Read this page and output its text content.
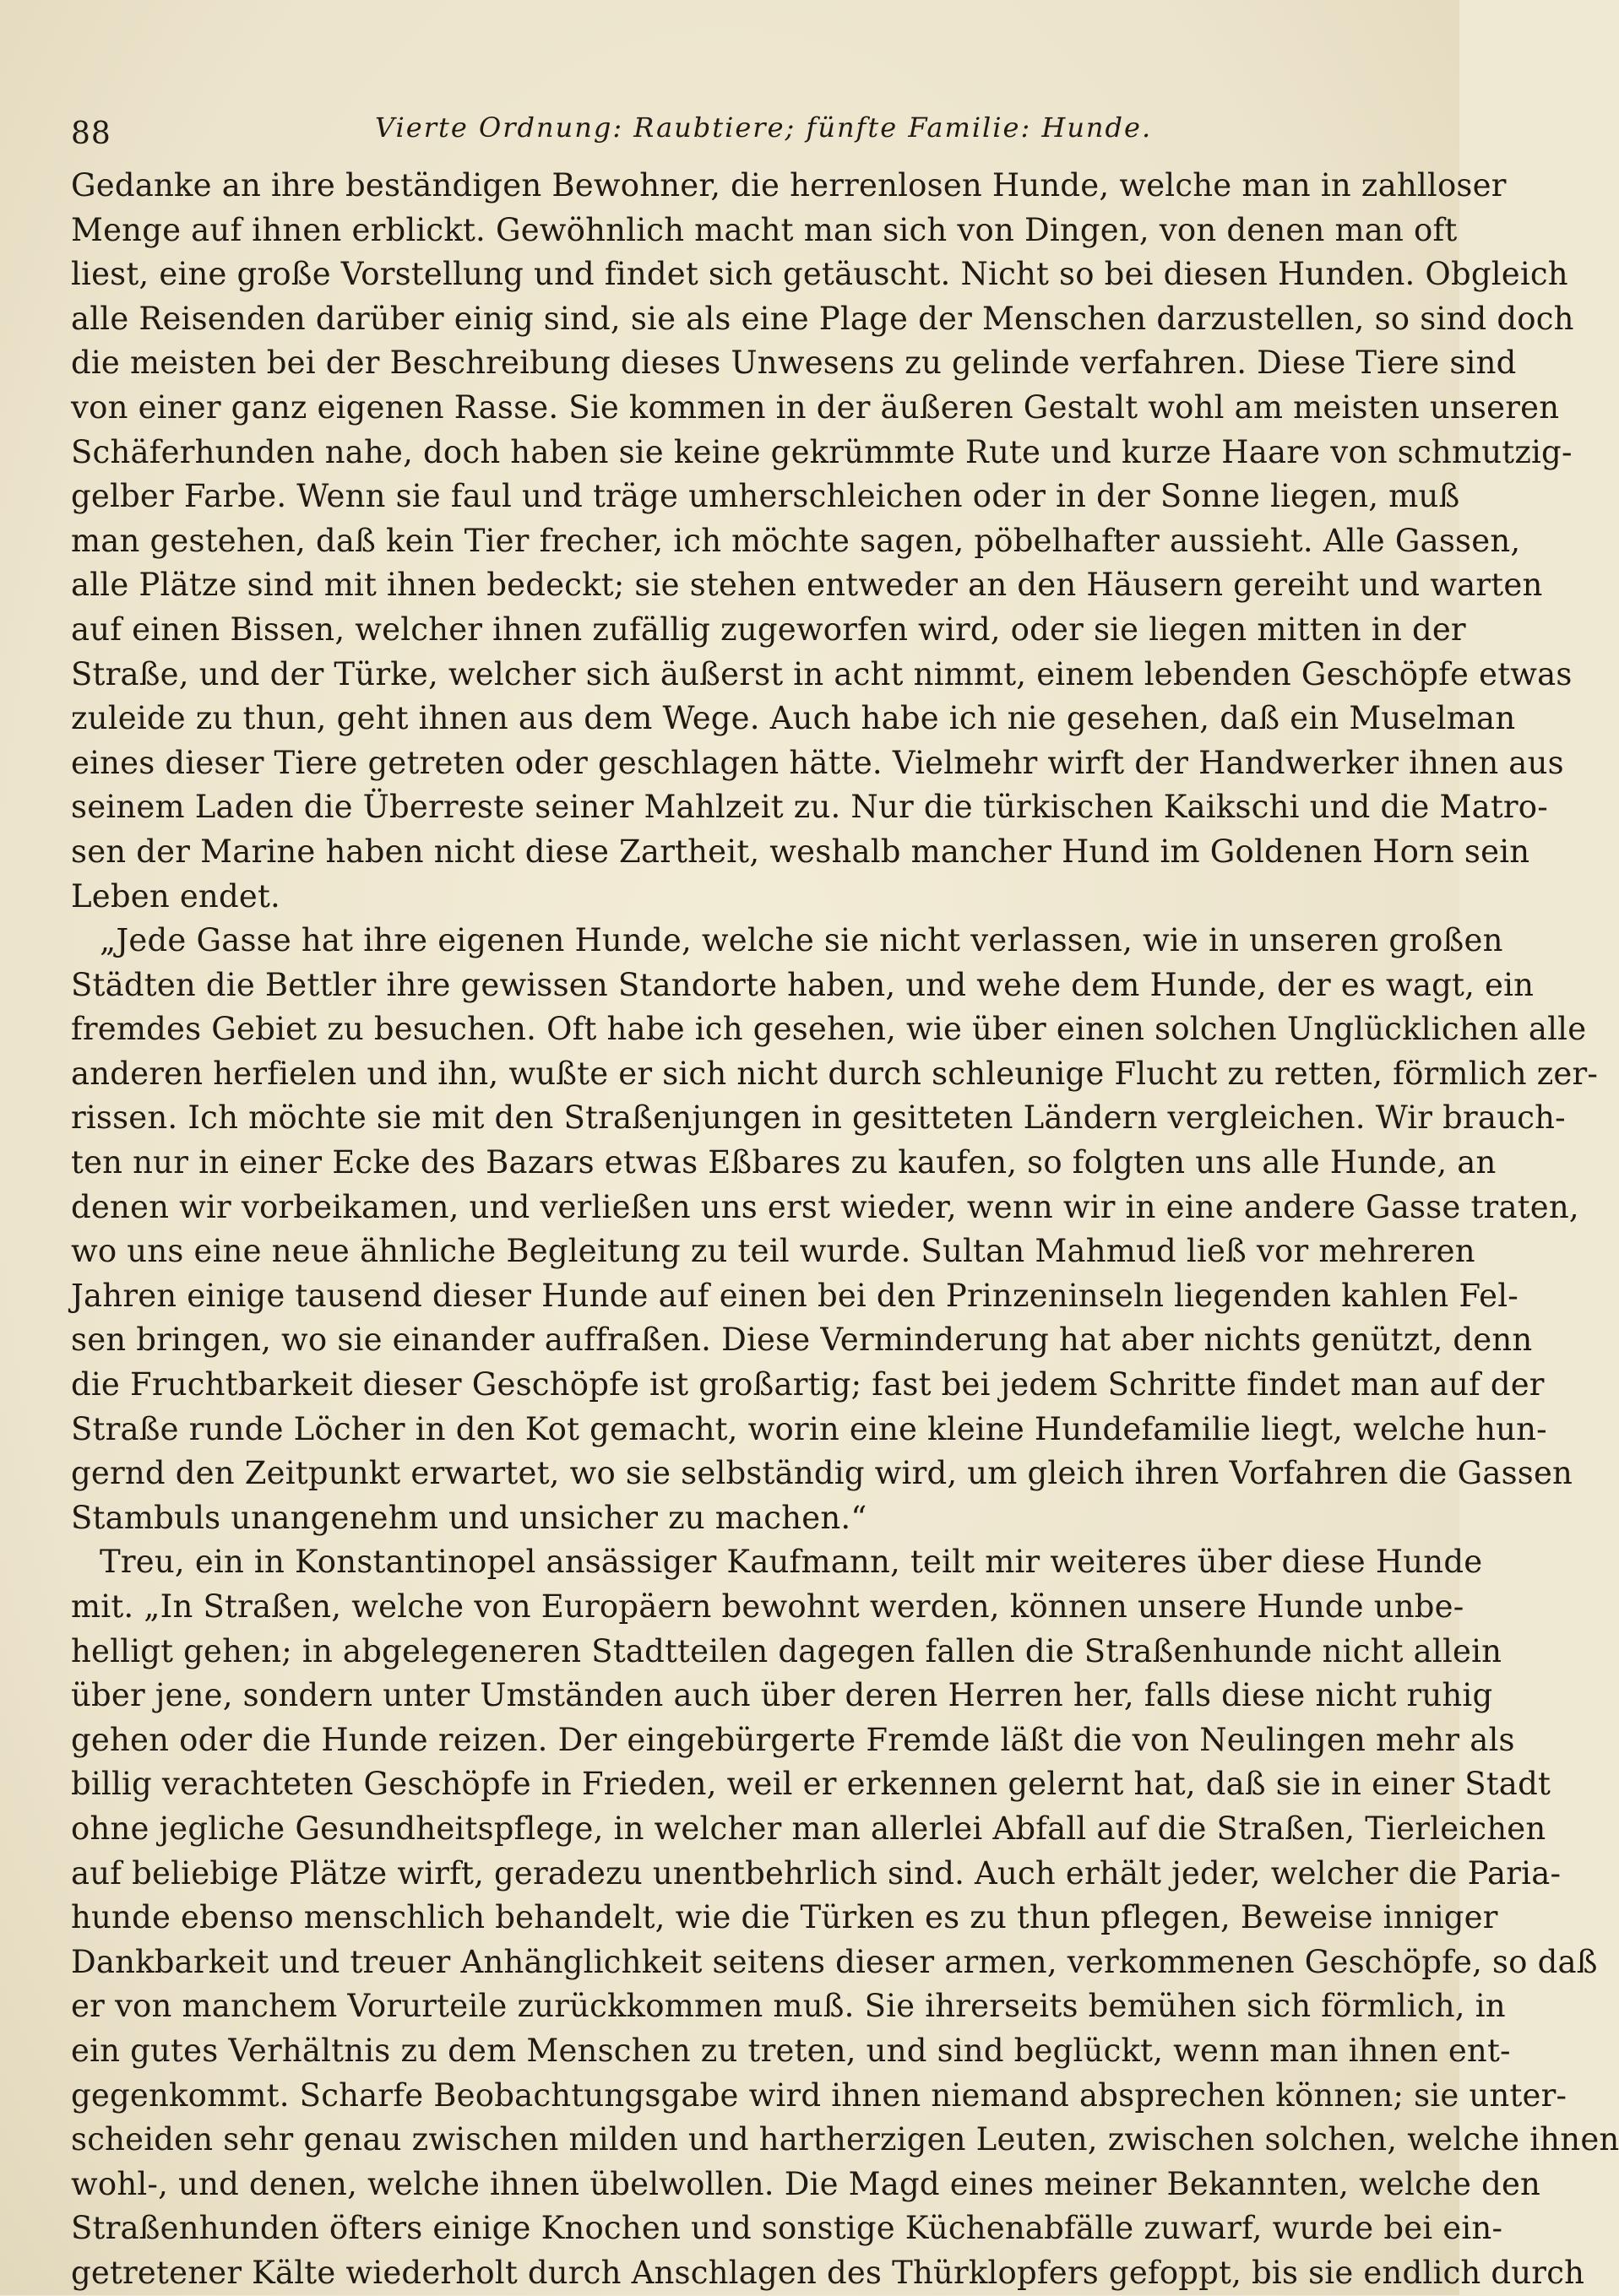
88	Vierte Ordnung: Raubtiere; fünfte Familie: Hunde.
Gedanke an ihre beständigen Bewohner, die herrenlosen Hunde, welche man in zahlloser
Menge auf ihnen erblickt. Gewöhnlich macht man sich von Dingen, von denen man oft
liest, eine große Vorstellung und findet sich getäuscht. Nicht so bei diesen Hunden. Obgleich
alle Reisenden darüber einig sind, sie als eine Plage der Menschen darzustellen, so sind doch
die meisten bei der Beschreibung dieses Unwesens zu gelinde verfahren. Diese Tiere sind
von einer ganz eigenen Rasse. Sie kommen in der äußeren Gestalt wohl am meisten unseren
Schäferhunden nahe, doch haben sie keine gekrümmte Rute und kurze Haare von schmutzig-
gelber Farbe. Wenn sie faul und träge umherschleichen oder in der Sonne liegen, muß
man gestehen, daß kein Tier frecher, ich möchte sagen, pöbelhafter aussieht. Alle Gassen,
alle Plätze sind mit ihnen bedeckt; sie stehen entweder an den Häusern gereiht und warten
auf einen Bissen, welcher ihnen zufällig zugeworfen wird, oder sie liegen mitten in der
Straße, und der Türke, welcher sich äußerst in acht nimmt, einem lebenden Geschöpfe etwas
zuleide zu thun, geht ihnen aus dem Wege. Auch habe ich nie gesehen, daß ein Muselman
eines dieser Tiere getreten oder geschlagen hätte. Vielmehr wirft der Handwerker ihnen aus
seinem Laden die Überreste seiner Mahlzeit zu. Nur die türkischen Kaikschi und die Matro-
sen der Marine haben nicht diese Zartheit, weshalb mancher Hund im Goldenen Horn sein
Leben endet.
„Jede Gasse hat ihre eigenen Hunde, welche sie nicht verlassen, wie in unseren großen
Städten die Bettler ihre gewissen Standorte haben, und wehe dem Hunde, der es wagt, ein
fremdes Gebiet zu besuchen. Oft habe ich gesehen, wie über einen solchen Unglücklichen alle
anderen herfielen und ihn, wußte er sich nicht durch schleunige Flucht zu retten, förmlich zer-
rissen. Ich möchte sie mit den Straßenjungen in gesitteten Ländern vergleichen. Wir brauch-
ten nur in einer Ecke des Bazars etwas Eßbares zu kaufen, so folgten uns alle Hunde, an
denen wir vorbeikamen, und verließen uns erst wieder, wenn wir in eine andere Gasse traten,
wo uns eine neue ähnliche Begleitung zu teil wurde. Sultan Mahmud ließ vor mehreren
Jahren einige tausend dieser Hunde auf einen bei den Prinzeninseln liegenden kahlen Fel-
sen bringen, wo sie einander auffraßen. Diese Verminderung hat aber nichts genützt, denn
die Fruchtbarkeit dieser Geschöpfe ist großartig; fast bei jedem Schritte findet man auf der
Straße runde Löcher in den Kot gemacht, worin eine kleine Hundefamilie liegt, welche hun-
gernd den Zeitpunkt erwartet, wo sie selbständig wird, um gleich ihren Vorfahren die Gassen
Stambuls unangenehm und unsicher zu machen.“
Treu, ein in Konstantinopel ansässiger Kaufmann, teilt mir weiteres über diese Hunde
mit. „In Straßen, welche von Europäern bewohnt werden, können unsere Hunde unbe-
helligt gehen; in abgelegeneren Stadtteilen dagegen fallen die Straßenhunde nicht allein
über jene, sondern unter Umständen auch über deren Herren her, falls diese nicht ruhig
gehen oder die Hunde reizen. Der eingebürgerte Fremde läßt die von Neulingen mehr als
billig verachteten Geschöpfe in Frieden, weil er erkennen gelernt hat, daß sie in einer Stadt
ohne jegliche Gesundheitspflege, in welcher man allerlei Abfall auf die Straßen, Tierleichen
auf beliebige Plätze wirft, geradezu unentbehrlich sind. Auch erhält jeder, welcher die Paria-
hunde ebenso menschlich behandelt, wie die Türken es zu thun pflegen, Beweise inniger
Dankbarkeit und treuer Anhänglichkeit seitens dieser armen, verkommenen Geschöpfe, so daß
er von manchem Vorurteile zurückkommen muß. Sie ihrerseits bemühen sich förmlich, in
ein gutes Verhältnis zu dem Menschen zu treten, und sind beglückt, wenn man ihnen ent-
gegenkommt. Scharfe Beobachtungsgabe wird ihnen niemand absprechen können; sie unter-
scheiden sehr genau zwischen milden und hartherzigen Leuten, zwischen solchen, welche ihnen
wohl-, und denen, welche ihnen übelwollen. Die Magd eines meiner Bekannten, welche den
Straßenhunden öfters einige Knochen und sonstige Küchenabfälle zuwarf, wurde bei ein-
getretener Kälte wiederholt durch Anschlagen des Thürklopfers gefoppt, bis sie endlich durch
